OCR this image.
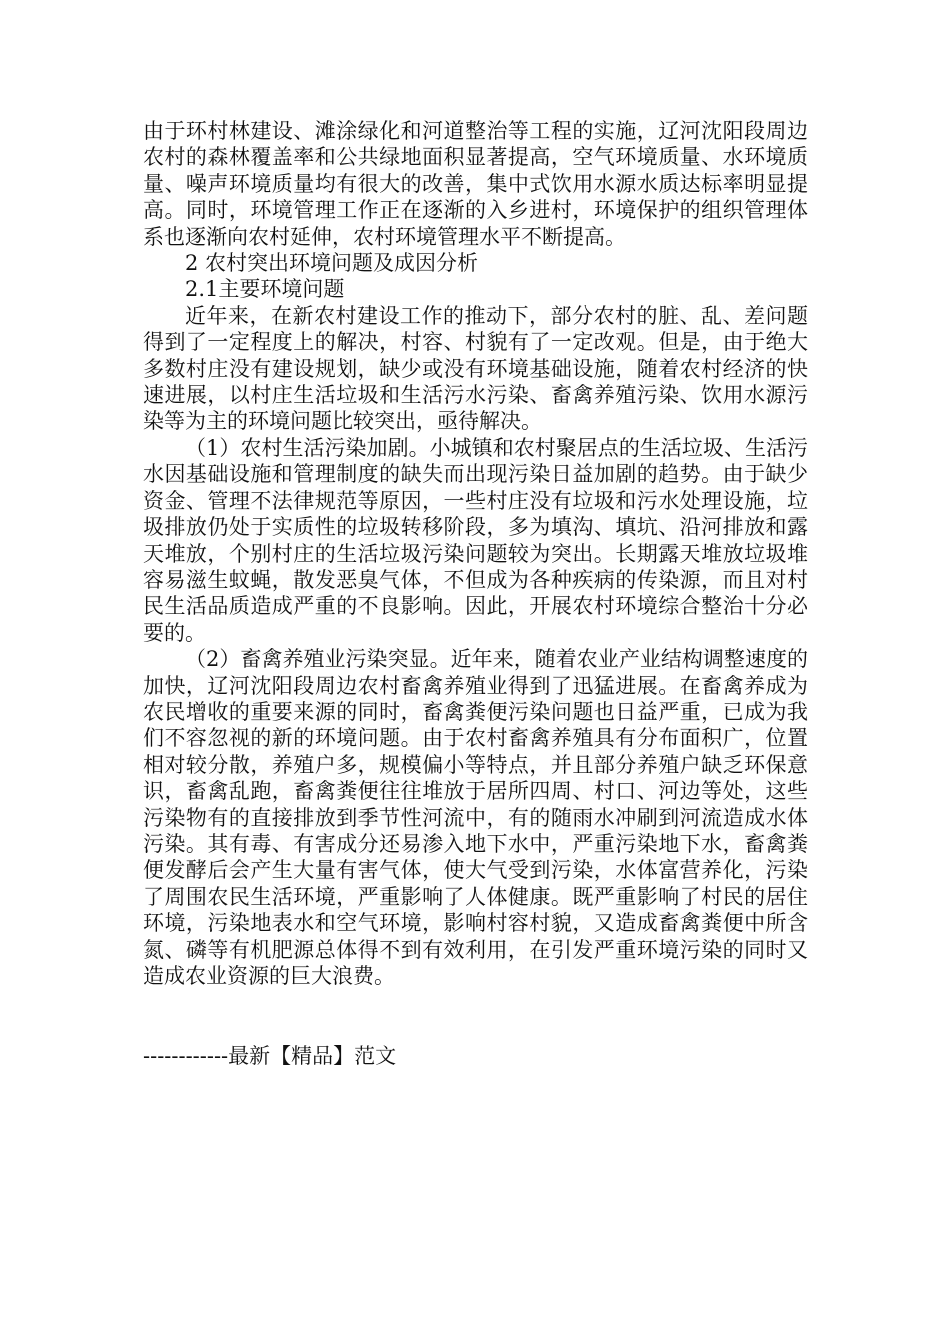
由于环村林建设、滩涂绿化和河道整治等工程的实施，辽河沈阳段周边农村的森林覆盖率和公共绿地面积显著提高，空气环境质量、水环境质量、噪声环境质量均有很大的改善，集中式饮用水源水质达标率明显提高。同时，环境管理工作正在逐渐的入乡进村，环境保护的组织管理体系也逐渐向农村延伸，农村环境管理水平不断提高。

2 农村突出环境问题及成因分析

2.1主要环境问题

近年来，在新农村建设工作的推动下，部分农村的脏、乱、差问题得到了一定程度上的解决，村容、村貌有了一定改观。但是，由于绝大多数村庄没有建设规划，缺少或没有环境基础设施，随着农村经济的快速进展，以村庄生活垃圾和生活污水污染、畜禽养殖污染、饮用水源污染等为主的环境问题比较突出，亟待解决。

（1）农村生活污染加剧。小城镇和农村聚居点的生活垃圾、生活污水因基础设施和管理制度的缺失而出现污染日益加剧的趋势。由于缺少资金、管理不法律规范等原因，一些村庄没有垃圾和污水处理设施，垃圾排放仍处于实质性的垃圾转移阶段，多为填沟、填坑、沿河排放和露天堆放，个别村庄的生活垃圾污染问题较为突出。长期露天堆放垃圾堆容易滋生蚊蝇，散发恶臭气体，不但成为各种疾病的传染源，而且对村民生活品质造成严重的不良影响。因此，开展农村环境综合整治十分必要的。

（2）畜禽养殖业污染突显。近年来，随着农业产业结构调整速度的加快，辽河沈阳段周边农村畜禽养殖业得到了迅猛进展。在畜禽养成为农民增收的重要来源的同时，畜禽粪便污染问题也日益严重，已成为我们不容忽视的新的环境问题。由于农村畜禽养殖具有分布面积广，位置相对较分散，养殖户多，规模偏小等特点，并且部分养殖户缺乏环保意识，畜禽乱跑，畜禽粪便往往堆放于居所四周、村口、河边等处，这些污染物有的直接排放到季节性河流中，有的随雨水冲刷到河流造成水体污染。其有毒、有害成分还易渗入地下水中，严重污染地下水，畜禽粪便发酵后会产生大量有害气体，使大气受到污染，水体富营养化，污染了周围农民生活环境，严重影响了人体健康。既严重影响了村民的居住环境，污染地表水和空气环境，影响村容村貌，又造成畜禽粪便中所含氮、磷等有机肥源总体得不到有效利用，在引发严重环境污染的同时又造成农业资源的巨大浪费。

------------最新【精品】范文
